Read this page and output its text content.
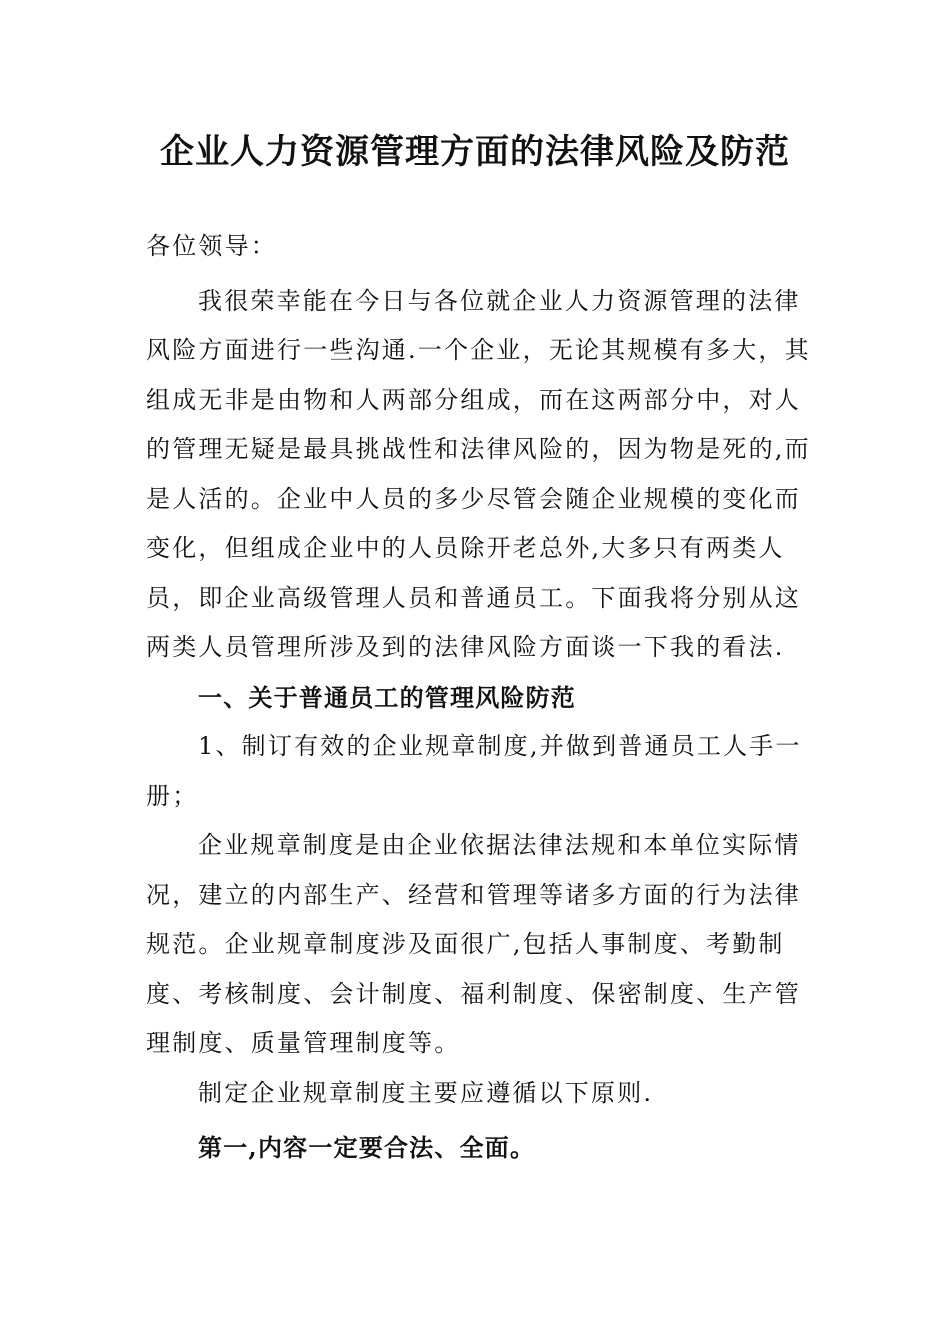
企业人力资源管理方面的法律风险及防范

各位领导：

我很荣幸能在今日与各位就企业人力资源管理的法律风险方面进行一些沟通.一个企业，无论其规模有多大，其组成无非是由物和人两部分组成，而在这两部分中，对人的管理无疑是最具挑战性和法律风险的，因为物是死的,而是人活的。企业中人员的多少尽管会随企业规模的变化而变化，但组成企业中的人员除开老总外,大多只有两类人员，即企业高级管理人员和普通员工。下面我将分别从这两类人员管理所涉及到的法律风险方面谈一下我的看法.

一、关于普通员工的管理风险防范

1、制订有效的企业规章制度,并做到普通员工人手一册；

企业规章制度是由企业依据法律法规和本单位实际情况，建立的内部生产、经营和管理等诸多方面的行为法律规范。企业规章制度涉及面很广,包括人事制度、考勤制度、考核制度、会计制度、福利制度、保密制度、生产管理制度、质量管理制度等。

制定企业规章制度主要应遵循以下原则.

第一,内容一定要合法、全面。
